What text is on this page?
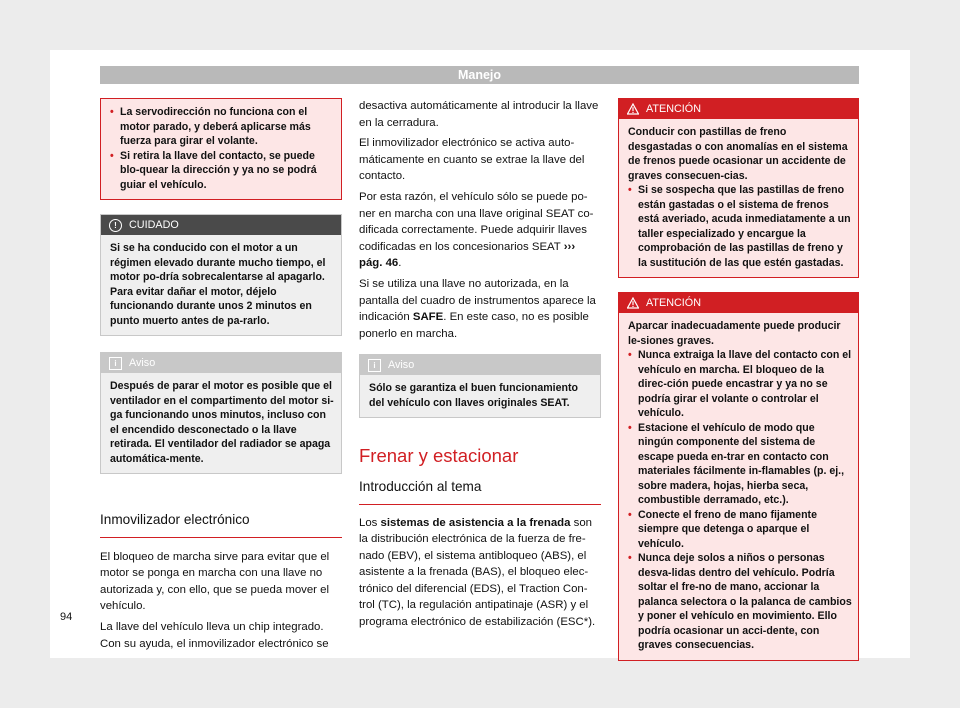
Manejo
• La servodirección no funciona con el motor parado, y deberá aplicarse más fuerza para girar el volante.
• Si retira la llave del contacto, se puede blo-quear la dirección y ya no se podrá guiar el vehículo.
!	CUIDADO
Si se ha conducido con el motor a un régimen elevado durante mucho tiempo, el motor po-dría sobrecalentarse al apagarlo. Para evitar dañar el motor, déjelo funcionando durante unos 2 minutos en punto muerto antes de pa-rarlo.
i	Aviso
Después de parar el motor es posible que el ventilador en el compartimento del motor si-ga funcionando unos minutos, incluso con el encendido desconectado o la llave retirada. El ventilador del radiador se apaga automática-mente.
Inmovilizador electrónico

El bloqueo de marcha sirve para evitar que el motor se ponga en marcha con una llave no autorizada y, con ello, que se pueda mover el vehículo.

La llave del vehículo lleva un chip integrado. Con su ayuda, el inmovilizador electrónico se

desactiva automáticamente al introducir la llave en la cerradura.

El inmovilizador electrónico se activa auto-máticamente en cuanto se extrae la llave del contacto.

Por esta razón, el vehículo sólo se puede po-ner en marcha con una llave original SEAT co-dificada correctamente. Puede adquirir llaves codificadas en los concesionarios SEAT ››› pág. 46.

Si se utiliza una llave no autorizada, en la pantalla del cuadro de instrumentos aparece la indicación SAFE. En este caso, no es posible ponerlo en marcha.

i	Aviso
Sólo se garantiza el buen funcionamiento del vehículo con llaves originales SEAT.
Frenar y estacionar
Introducción al tema

Los sistemas de asistencia a la frenada son la distribución electrónica de la fuerza de fre-nado (EBV), el sistema antibloqueo (ABS), el asistente a la frenada (BAS), el bloqueo elec-trónico del diferencial (EDS), el Traction Con-trol (TC), la regulación antipatinaje (ASR) y el programa electrónico de estabilización (ESC*).

ATENCIÓN
Conducir con pastillas de freno desgastadas o con anomalías en el sistema de frenos puede ocasionar un accidente de graves consecuen-cias.
• Si se sospecha que las pastillas de freno están gastadas o el sistema de frenos está averiado, acuda inmediatamente a un taller especializado y encargue la comprobación de las pastillas de freno y la sustitución de las que estén gastadas.
ATENCIÓN
Aparcar inadecuadamente puede producir le-siones graves.
• Nunca extraiga la llave del contacto con el vehículo en marcha. El bloqueo de la direc-ción puede encastrar y ya no se podría girar el volante o controlar el vehículo.
• Estacione el vehículo de modo que ningún componente del sistema de escape pueda en-trar en contacto con materiales fácilmente in-flamables (p. ej., sobre madera, hojas, hierba seca, combustible derramado, etc.).
• Conecte el freno de mano fijamente siempre que detenga o aparque el vehículo.
• Nunca deje solos a niños o personas desva-lidas dentro del vehículo. Podría soltar el fre-no de mano, accionar la palanca selectora o la palanca de cambios y poner el vehículo en movimiento. Ello podría ocasionar un acci-dente, con graves consecuencias.
94
